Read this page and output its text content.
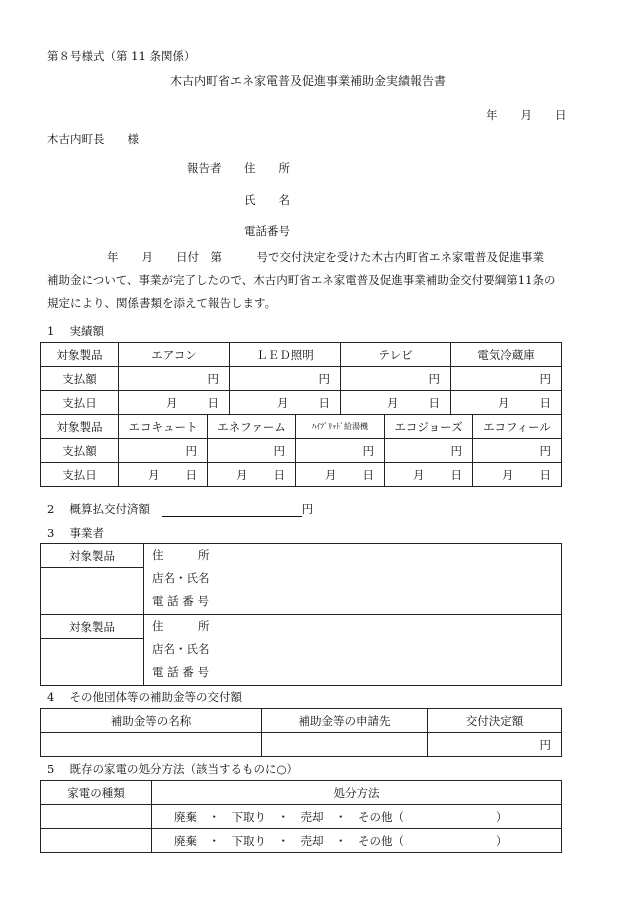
第８号様式（第 11 条関係）
木古内町省エネ家電普及促進事業補助金実績報告書
年　　月　　日
木古内町長　　様
報告者 住　　所
氏　　名
電話番号
年　　月　　日付　第　　　号で交付決定を受けた木古内町省エネ家電普及促進事業
補助金について、事業が完了したので、木古内町省エネ家電普及促進事業補助金交付要綱第11条の
規定により、関係書類を添えて報告します。
1　 実績額
対象製品	エアコン	ＬＥＤ照明	テレビ	電気冷蔵庫
支払額	円	円	円	円
支払日	月 日	月 日	月 日	月 日
対象製品	エコキュート	エネファーム	ﾊｲﾌﾞﾘｯﾄﾞ給湯機	エコジョーズ	エコフィール
支払額	円	円	円	円	円
支払日	月 日	月 日	月 日	月 日	月 日
2　 概算払交付済額	円
3　 事業者
対象製品	住　　　所
店名・氏名
電 話 番 号

対象製品	住　　　所
店名・氏名
電 話 番 号

4　 その他団体等の補助金等の交付額
補助金等の名称	補助金等の申請先	交付決定額
		円
5　 既存の家電の処分方法（該当するものに○）
家電の種類	処分方法
	廃棄　・　下取り　・　売却　・　その他（　　　　　　　　）
	廃棄　・　下取り　・　売却　・　その他（　　　　　　　　）
